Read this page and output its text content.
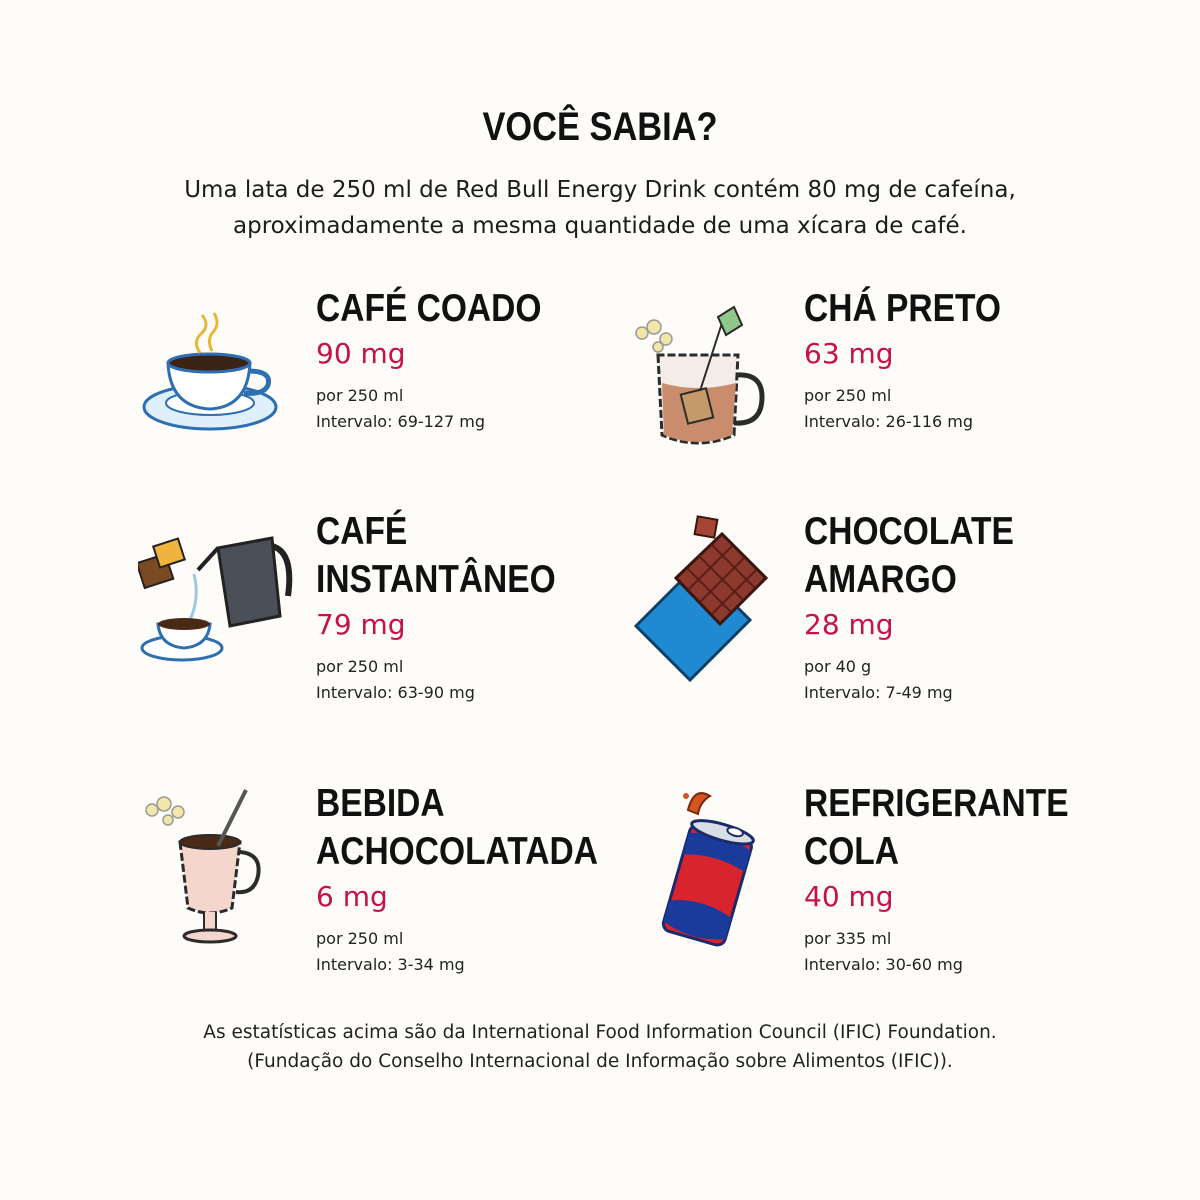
VOCÊ SABIA?
Uma lata de 250 ml de Red Bull Energy Drink contém 80 mg de cafeína,
aproximadamente a mesma quantidade de uma xícara de café.
CAFÉ COADO
90 mg
por 250 ml
Intervalo: 69-127 mg
CHÁ PRETO
63 mg
por 250 ml
Intervalo: 26-116 mg
CAFÉ
INSTANTÂNEO
79 mg
por 250 ml
Intervalo: 63-90 mg
CHOCOLATE
AMARGO
28 mg
por 40 g
Intervalo: 7-49 mg
BEBIDA
ACHOCOLATADA
6 mg
por 250 ml
Intervalo: 3-34 mg
REFRIGERANTE
COLA
40 mg
por 335 ml
Intervalo: 30-60 mg
As estatísticas acima são da International Food Information Council (IFIC) Foundation.
(Fundação do Conselho Internacional de Informação sobre Alimentos (IFIC)).
